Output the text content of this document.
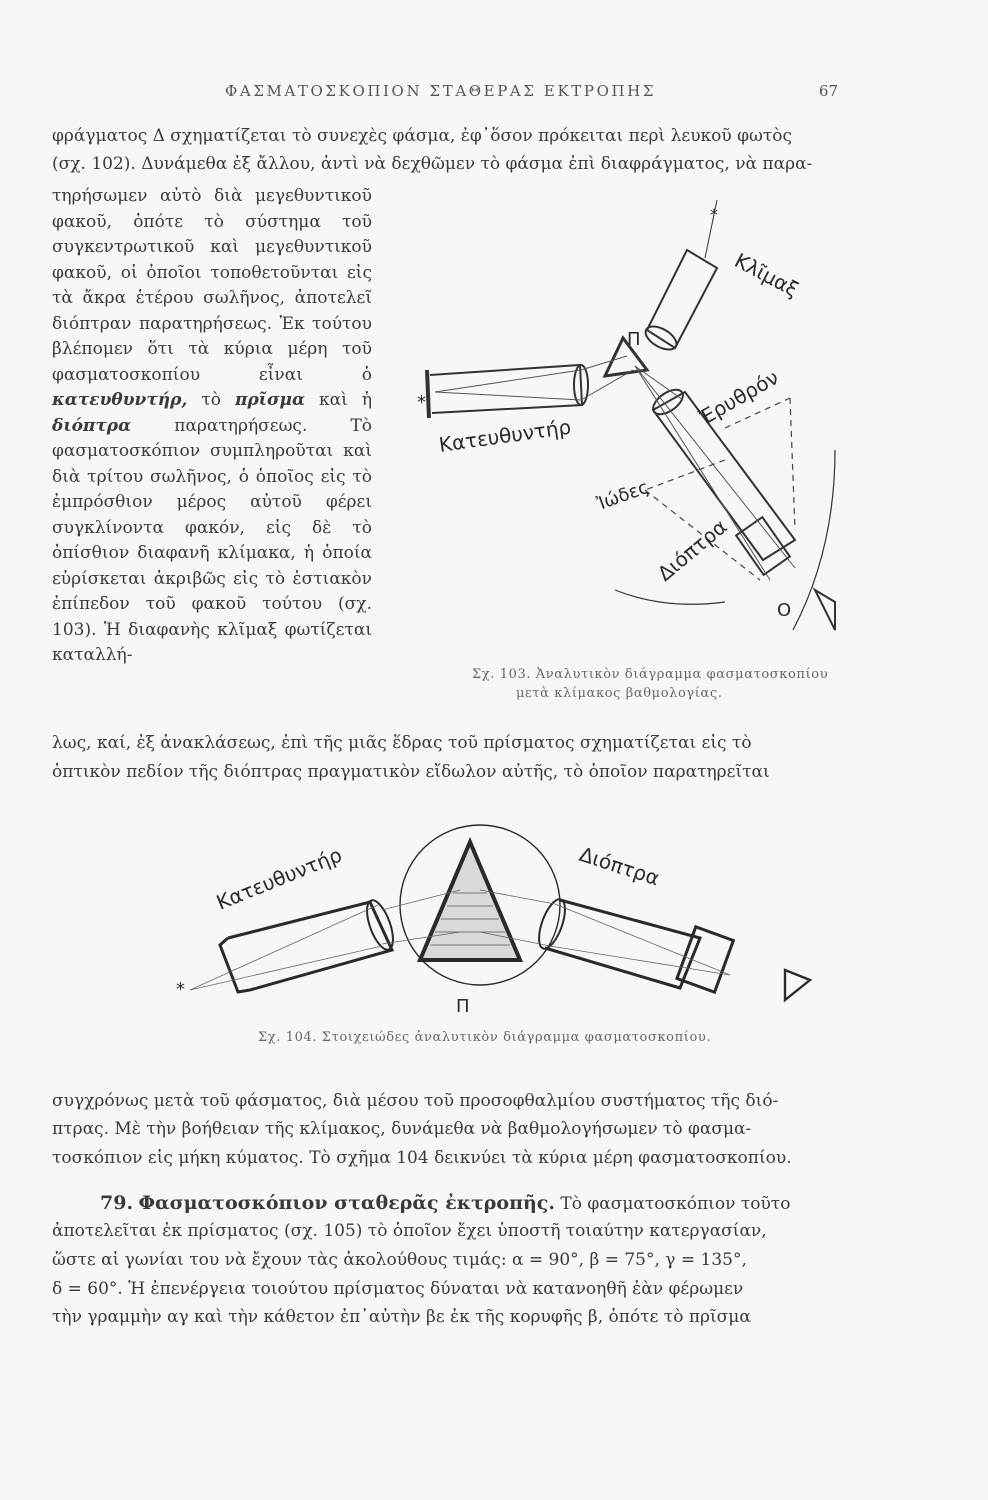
ΦΑΣΜΑΤΟΣΚΟΠΙΟΝ ΣΤΑΘΕΡΑΣ ΕΚΤΡΟΠΗΣ	67

φράγματος Δ σχηματίζεται τὸ συνεχὲς φάσμα, ἐφ᾽ὅσον πρόκειται περὶ λευκοῦ φωτὸς

(σχ. 102). Δυνάμεθα ἐξ ἄλλου, ἀντὶ νὰ δεχθῶμεν τὸ φάσμα ἐπὶ διαφράγματος, νὰ παρα-

τηρήσωμεν αὐτὸ διὰ μεγεθυντικοῦ φακοῦ, ὁπότε τὸ σύστημα τοῦ συγκεντρωτικοῦ καὶ μεγεθυντικοῦ φακοῦ, οἱ ὁποῖοι τοποθετοῦνται εἰς τὰ ἄκρα ἑτέρου σωλῆνος, ἀποτελεῖ διόπτραν παρατηρήσεως. Ἐκ τούτου βλέπομεν ὅτι τὰ κύρια μέρη τοῦ φασματοσκοπίου εἶναι ὁ κατευθυντήρ, τὸ πρῖσμα καὶ ἡ διόπτρα	παρατηρήσεως. Τὸ φασματοσκόπιον συμπληροῦται καὶ διὰ τρίτου σωλῆνος, ὁ ὁποῖος εἰς τὸ ἐμπρόσθιον μέρος αὐτοῦ φέρει συγκλίνοντα φακόν, εἰς δὲ τὸ ὀπίσθιον διαφανῆ κλίμακα, ἡ ὁποία εὑρίσκεται ἀκριβῶς εἰς τὸ ἑστιακὸν ἐπίπεδον τοῦ φακοῦ τούτου (σχ. 103). Ἡ διαφανὴς κλῖμαξ φωτίζεται καταλλή-

*
*
Κλῖμαξ
Π
Κατευθυντήρ
Ἐρυθρόν
Ἰώδες
Διόπτρα
Ο
Σχ. 103. Ἀναλυτικὸν διάγραμμα φασματοσκοπίου
μετὰ κλίμακος βαθμολογίας.

λως, καί, ἐξ ἀνακλάσεως, ἐπὶ τῆς μιᾶς ἕδρας τοῦ πρίσματος σχηματίζεται εἰς τὸ

ὀπτικὸν πεδίον τῆς διόπτρας πραγματικὸν εἴδωλον αὐτῆς, τὸ ὁποῖον παρατηρεῖται

*
Κατευθυντήρ	Διόπτρα
Π
Σχ. 104. Στοιχειώδες ἀναλυτικὸν διάγραμμα φασματοσκοπίου.

συγχρόνως μετὰ τοῦ φάσματος, διὰ μέσου τοῦ προσοφθαλμίου συστήματος τῆς διό-

πτρας. Μὲ τὴν βοήθειαν τῆς κλίμακος, δυνάμεθα νὰ βαθμολογήσωμεν τὸ φασμα-

τοσκόπιον εἰς μήκη κύματος. Τὸ σχῆμα 104 δεικνύει τὰ κύρια μέρη φασματοσκοπίου.

79. Φασματοσκόπιον σταθερᾶς ἐκτροπῆς. Τὸ φασματοσκόπιον τοῦτο

ἀποτελεῖται ἐκ πρίσματος (σχ. 105) τὸ ὁποῖον ἔχει ὑποστῆ τοιαύτην κατεργασίαν,

ὥστε αἱ γωνίαι του νὰ ἔχουν τὰς ἀκολούθους τιμάς: α = 90°, β = 75°, γ = 135°,

δ = 60°. Ἡ ἐπενέργεια τοιούτου πρίσματος δύναται νὰ κατανοηθῆ ἐὰν φέρωμεν

τὴν γραμμὴν αγ καὶ τὴν κάθετον ἐπ᾽αὐτὴν βε ἐκ τῆς κορυφῆς β, ὁπότε τὸ πρῖσμα
